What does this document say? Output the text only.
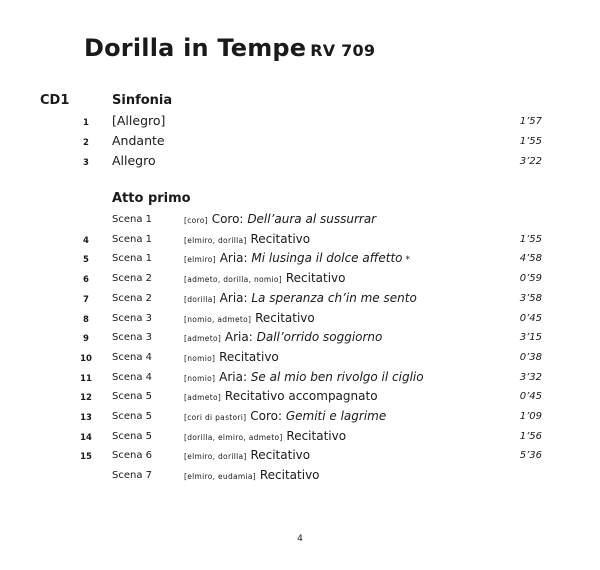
Dorilla in Tempe RV 709
CD1	Sinfonia
1	[Allegro]	1’57
2	Andante	1’55
3	Allegro	3’22
Atto primo
Scena 1	[coro] Coro: Dell’aura al sussurrar
4	Scena 1	[elmiro, dorilla] Recitativo	1’55
5	Scena 1	[elmiro] Aria: Mi lusinga il dolce affetto *	4’58
6	Scena 2	[admeto, dorilla, nomio] Recitativo	0’59
7	Scena 2	[dorilla] Aria: La speranza ch’in me sento	3’58
8	Scena 3	[nomio, admeto] Recitativo	0’45
9	Scena 3	[admeto] Aria: Dall’orrido soggiorno	3’15
10 Scena 4	[nomio] Recitativo	0’38
11 Scena 4	[nomio] Aria: Se al mio ben rivolgo il ciglio	3’32
12 Scena 5	[admeto] Recitativo accompagnato	0’45
13 Scena 5	[cori di pastori] Coro: Gemiti e lagrime	1’09
14 Scena 5	[dorilla, elmiro, admeto] Recitativo	1’56
15 Scena 6	[elmiro, dorilla] Recitativo	5’36
Scena 7	[elmiro, eudamia] Recitativo
4
